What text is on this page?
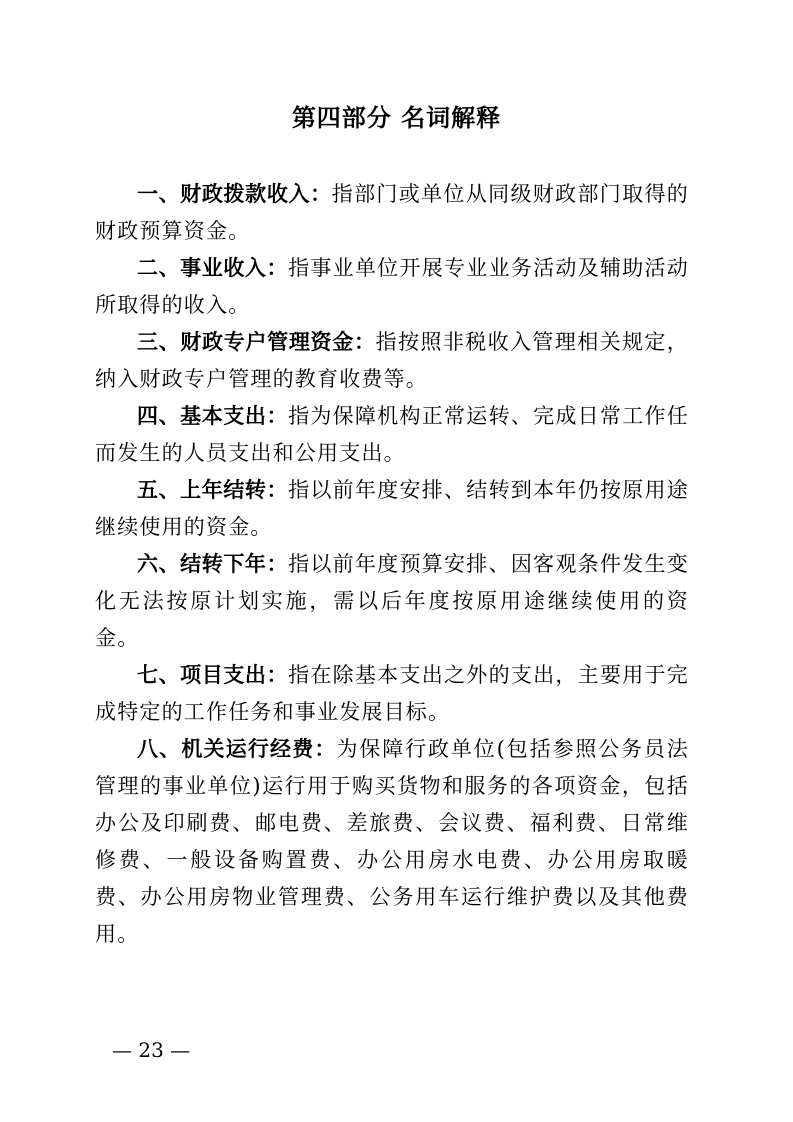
第四部分 名词解释

一、财政拨款收入：指部门或单位从同级财政部门取得的财政预算资金。

二、事业收入：指事业单位开展专业业务活动及辅助活动所取得的收入。

三、财政专户管理资金：指按照非税收入管理相关规定，纳入财政专户管理的教育收费等。

四、基本支出：指为保障机构正常运转、完成日常工作任而发生的人员支出和公用支出。

五、上年结转：指以前年度安排、结转到本年仍按原用途继续使用的资金。

六、结转下年：指以前年度预算安排、因客观条件发生变化无法按原计划实施，需以后年度按原用途继续使用的资金。

七、项目支出：指在除基本支出之外的支出，主要用于完成特定的工作任务和事业发展目标。

八、机关运行经费：为保障行政单位(包括参照公务员法管理的事业单位)运行用于购买货物和服务的各项资金，包括办公及印刷费、邮电费、差旅费、会议费、福利费、日常维修费、一般设备购置费、办公用房水电费、办公用房取暖费、办公用房物业管理费、公务用车运行维护费以及其他费用。

— 23 —
